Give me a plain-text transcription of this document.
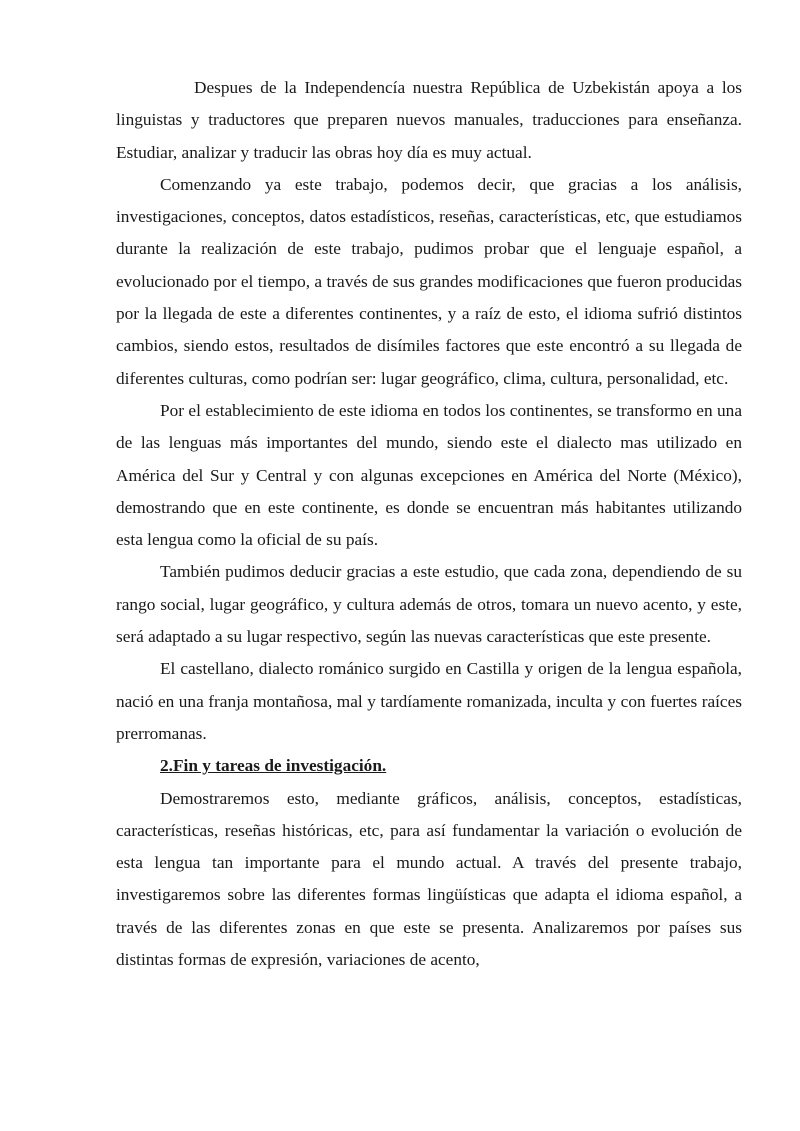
Despues de la Independencía nuestra República de Uzbekistán apoya a los linguistas y traductores que preparen nuevos manuales, traducciones para enseñanza. Estudiar, analizar y traducir las obras hoy día es muy actual.

Comenzando ya este trabajo, podemos decir, que gracias a los análisis, investigaciones, conceptos, datos estadísticos, reseñas, características, etc, que estudiamos durante la realización de este trabajo, pudimos probar que el lenguaje español, a evolucionado por el tiempo, a través de sus grandes modificaciones que fueron producidas por la llegada de este a diferentes continentes, y a raíz de esto, el idioma sufrió distintos cambios, siendo estos, resultados de disímiles factores que este encontró a su llegada de diferentes culturas, como podrían ser: lugar geográfico, clima, cultura, personalidad, etc.

Por el establecimiento de este idioma en todos los continentes, se transformo en una de las lenguas más importantes del mundo, siendo este el dialecto mas utilizado en América del Sur y Central y con algunas excepciones en América del Norte (México), demostrando que en este continente, es donde se encuentran más habitantes utilizando esta lengua como la oficial de su país.

También pudimos deducir gracias a este estudio, que cada zona, dependiendo de su rango social, lugar geográfico, y cultura además de otros, tomara un nuevo acento, y este, será adaptado a su lugar respectivo, según las nuevas características que este presente.

El castellano, dialecto románico surgido en Castilla y origen de la lengua española, nació en una franja montañosa, mal y tardíamente romanizada, inculta y con fuertes raíces prerromanas.

2.Fin y tareas de investigación.

Demostraremos esto, mediante gráficos, análisis, conceptos, estadísticas, características, reseñas históricas, etc, para así fundamentar la variación o evolución de esta lengua tan importante para el mundo actual. A través del presente trabajo, investigaremos sobre las diferentes formas lingüísticas que adapta el idioma español, a través de las diferentes zonas en que este se presenta. Analizaremos por países sus distintas formas de expresión, variaciones de acento,
